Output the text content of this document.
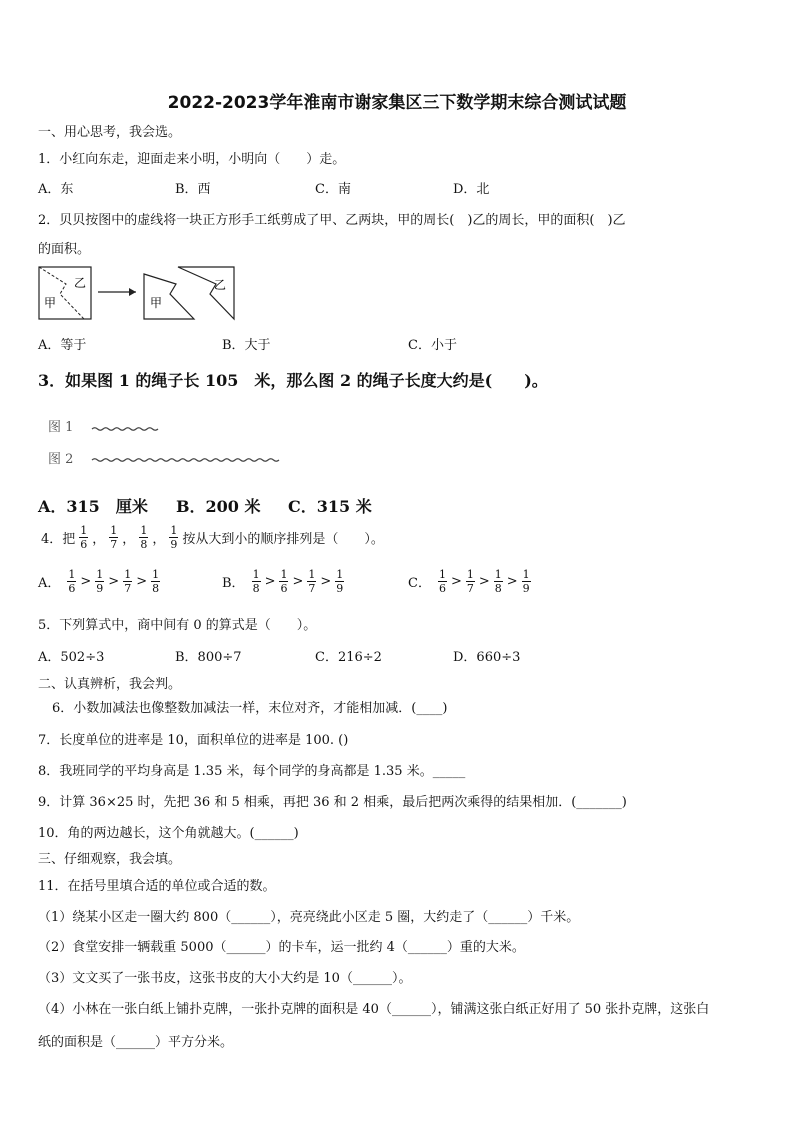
2022-2023学年淮南市谢家集区三下数学期末综合测试试题
一、用心思考，我会选。
1．小红向东走，迎面走来小明，小明向（　　）走。
A．东	B．西	C．南	D．北
2．贝贝按图中的虚线将一块正方形手工纸剪成了甲、乙两块，甲的周长(　)乙的周长，甲的面积(　)乙
的面积。
甲
乙
甲
乙
A．等于	B．大于	C．小于
3．如果图 1 的绳子长 105　米，那么图 2 的绳子长度大约是(　　)。
图 1
图 2
A．315　厘米 B．200 米 C．315 米
4．把 $\frac{1}{6}$ ， $\frac{1}{7}$ ， $\frac{1}{8}$ ， $\frac{1}{9}$ 按从大到小的顺序排列是（　　）。
A． $\frac{1}{6} > \frac{1}{9} > \frac{1}{7} > \frac{1}{8}$	B． $\frac{1}{8} > \frac{1}{6} > \frac{1}{7} > \frac{1}{9}$	C． $\frac{1}{6} > \frac{1}{7} > \frac{1}{8} > \frac{1}{9}$
5．下列算式中，商中间有 0 的算式是（　　）。
A．502÷3	B．800÷7	C．216÷2	D．660÷3
二、认真辨析，我会判。
6．小数加减法也像整数加减法一样，末位对齐，才能相加减．(____)
7．长度单位的进率是 10，面积单位的进率是 100. ()
8．我班同学的平均身高是 1.35 米，每个同学的身高都是 1.35 米。_____
9．计算 36×25 时，先把 36 和 5 相乘，再把 36 和 2 相乘，最后把两次乘得的结果相加．(_______)
10．角的两边越长，这个角就越大。(______)
三、仔细观察，我会填。
11．在括号里填合适的单位或合适的数。
（1）绕某小区走一圈大约 800（______），亮亮绕此小区走 5 圈，大约走了（______）千米。
（2）食堂安排一辆载重 5000（______）的卡车，运一批约 4（______）重的大米。
（3）文文买了一张书皮，这张书皮的大小大约是 10（______）。
（4）小林在一张白纸上铺扑克牌，一张扑克牌的面积是 40（______），铺满这张白纸正好用了 50 张扑克牌，这张白
纸的面积是（______）平方分米。
